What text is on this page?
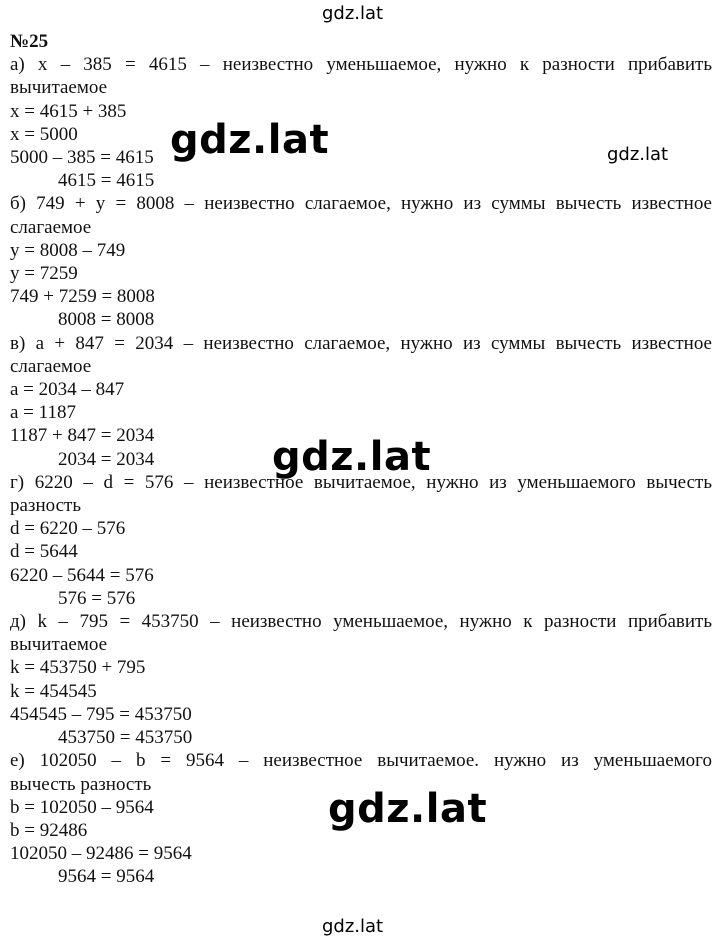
gdz.lat
№25
а) x – 385 = 4615 – неизвестно уменьшаемое, нужно к разности прибавить
вычитаемое
x = 4615 + 385
x = 5000
5000 – 385 = 4615
4615 = 4615
б) 749 + y = 8008 – неизвестно слагаемое, нужно из суммы вычесть известное
слагаемое
y = 8008 – 749
y = 7259
749 + 7259 = 8008
8008 = 8008
в) a + 847 = 2034 – неизвестно слагаемое, нужно из суммы вычесть известное
слагаемое
a = 2034 – 847
a = 1187
1187 + 847 = 2034
2034 = 2034
г) 6220 – d = 576 – неизвестное вычитаемое, нужно из уменьшаемого вычесть
разность
d = 6220 – 576
d = 5644
6220 – 5644 = 576
576 = 576
д) k – 795 = 453750 – неизвестно уменьшаемое, нужно к разности прибавить
вычитаемое
k = 453750 + 795
k = 454545
454545 – 795 = 453750
453750 = 453750
е) 102050 – b = 9564 – неизвестное вычитаемое. нужно из уменьшаемого
вычесть разность
b = 102050 – 9564
b = 92486
102050 – 92486 = 9564
9564 = 9564
gdz.lat
gdz.lat
gdz.lat
gdz.lat
gdz.lat
